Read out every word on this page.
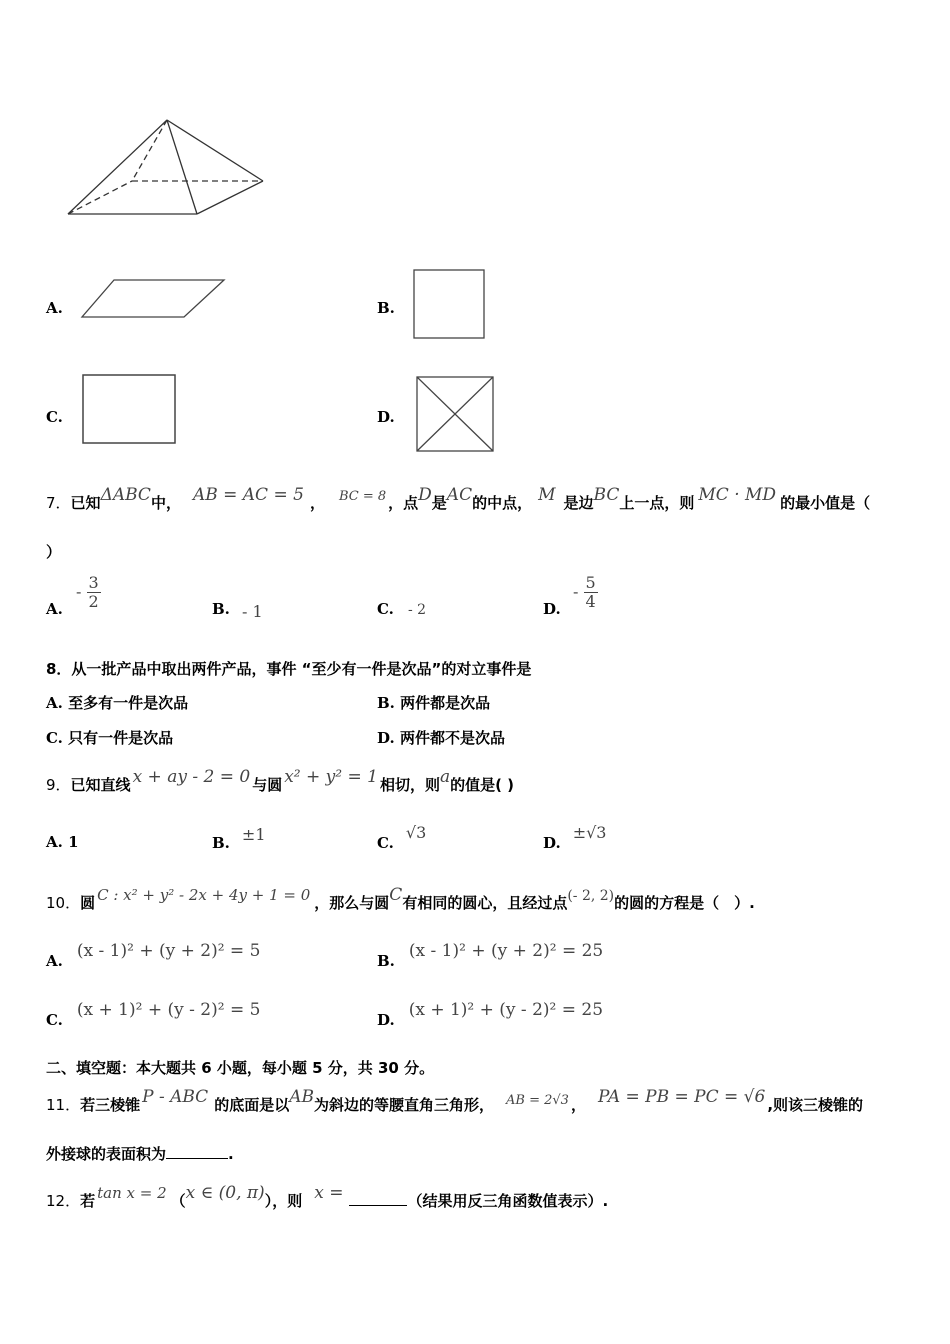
A.	B.
C.	D.
7．已知ΔABC中， AB = AC = 5 ， BC = 8 ，点D是AC的中点， M 是边BC上一点，则 MC · MD 的最小值是（
）
A.
- $\frac{3}{2}$	B. - 1	C. - 2	D.
- $\frac{5}{4}$
8．从一批产品中取出两件产品，事件 “至少有一件是次品”的对立事件是
A. 至多有一件是次品	B. 两件都是次品
C. 只有一件是次品	D. 两件都不是次品
9．已知直线 x + ay - 2 = 0 与圆 x² + y² = 1 相切，则a的值是( )
A. 1	B. ±1	C.√3
D.±√3
10．圆 C : x² + y² - 2x + 4y + 1 = 0 ，那么与圆C有相同的圆心，且经过点(- 2, 2)的圆的方程是（　）.
A. (x - 1)² + (y + 2)² = 5	B. (x - 1)² + (y + 2)² = 25
C. (x + 1)² + (y - 2)² = 5	D. (x + 1)² + (y - 2)² = 25
二、填空题：本大题共 6 小题，每小题 5 分，共 30 分。
11．若三棱锥 P - ABC 的底面是以AB为斜边的等腰直角三角形， AB = 2√3 ， PA = PB = PC = √6 ,则该三棱锥的
外接球的表面积为	.
12．若 tan x = 2 （x ∈ (0, π)），则 x =	（结果用反三角函数值表示）.
